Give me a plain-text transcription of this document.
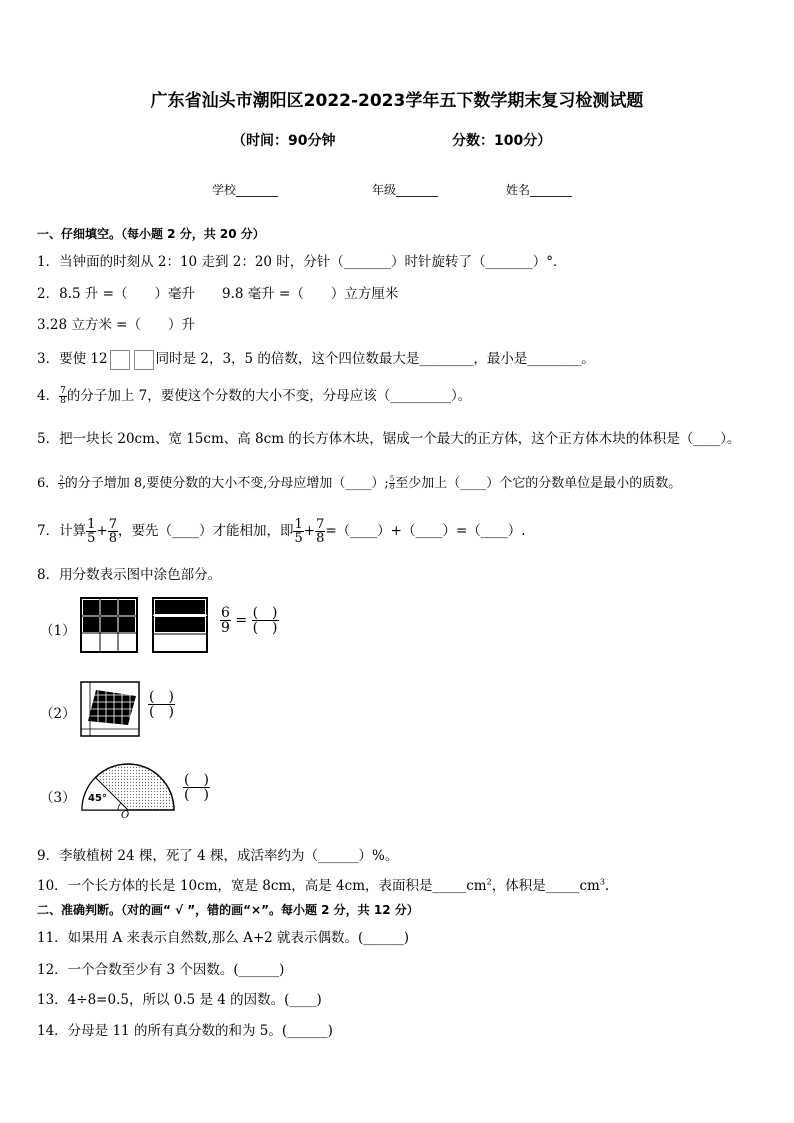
广东省汕头市潮阳区2022-2023学年五下数学期末复习检测试题
（时间：90分钟	分数：100分）
学校_______	年级_______	姓名_______
一、仔细填空。（每小题 2 分，共 20 分）
1．当钟面的时刻从 2：10 走到 2：20 时，分针（_______）时针旋转了（_______）°．
2．8.5 升 =（　　）毫升　　9.8 毫升 =（　　）立方厘米
3.28 立方米 =（　　）升
3．要使 12	同时是 2，3，5 的倍数，这个四位数最大是________，最小是________。
4． $\frac{7}{8}$ 的分子加上 7，要使这个分数的大小不变，分母应该（_________）。
5．把一块长 20cm、宽 15cm、高 8cm 的长方体木块，锯成一个最大的正方体，这个正方体木块的体积是（____）。
6． $\frac{2}{5}$ 的分子增加 8,要使分数的大小不变,分母应增加（____）; $\frac{5}{8}$ 至少加上（____）个它的分数单位是最小的质数。
7．计算 $\frac{1}{5} + \frac{7}{8}$ ，要先（____）才能相加，即 $\frac{1}{5} + \frac{7}{8}$ =（____）+（____）=（____）.
8．用分数表示图中涂色部分。
（1）	$\frac{6}{9} = \frac{( )}{( )}$
（2）	$\frac{( )}{( )}$
（3） 45°
O
$\frac{( )}{( )}$
9．李敏植树 24 棵，死了 4 棵，成活率约为（______）%。
10．一个长方体的长是 10cm，宽是 8cm，高是 4cm，表面积是$\_\_\_\_\_cm^2$，体积是$\_\_\_\_\_cm^3$.
二、准确判断。（对的画“ √ ”，错的画“×”。每小题 2 分，共 12 分）
11．如果用 A 来表示自然数,那么 A+2 就表示偶数。(______)
12．一个合数至少有 3 个因数。(______)
13．4÷8=0.5，所以 0.5 是 4 的因数。(____)
14．分母是 11 的所有真分数的和为 5。(______)
